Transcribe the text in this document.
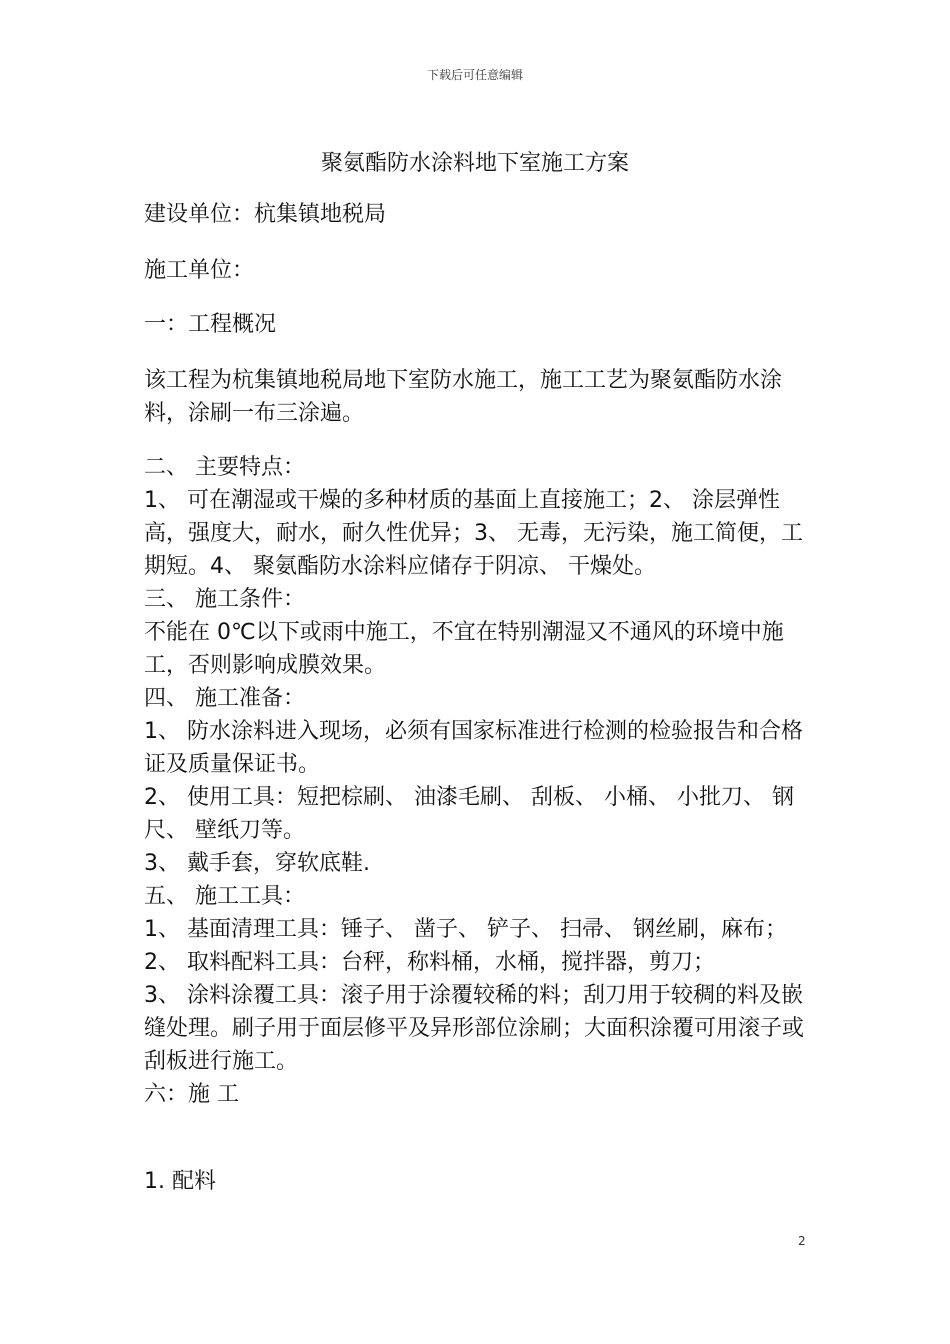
下载后可任意编辑
聚氨酯防水涂料地下室施工方案

建设单位：杭集镇地税局

施工单位：

一：工程概况

该工程为杭集镇地税局地下室防水施工，施工工艺为聚氨酯防水涂料，涂刷一布三涂遍。

二、 主要特点：

1、 可在潮湿或干燥的多种材质的基面上直接施工；2、 涂层弹性高，强度大，耐水，耐久性优异；3、 无毒，无污染，施工简便，工期短。4、 聚氨酯防水涂料应储存于阴凉、 干燥处。

三、 施工条件：

不能在 0℃以下或雨中施工，不宜在特别潮湿又不通风的环境中施工，否则影响成膜效果。

四、 施工准备：

1、 防水涂料进入现场，必须有国家标准进行检测的检验报告和合格证及质量保证书。

2、 使用工具：短把棕刷、 油漆毛刷、 刮板、 小桶、 小批刀、 钢尺、 壁纸刀等。

3、 戴手套，穿软底鞋.

五、 施工工具：

1、 基面清理工具：锤子、 凿子、 铲子、 扫帚、 钢丝刷，麻布；

2、 取料配料工具：台秤，称料桶，水桶，搅拌器，剪刀；

3、 涂料涂覆工具：滚子用于涂覆较稀的料；刮刀用于较稠的料及嵌缝处理。刷子用于面层修平及异形部位涂刷；大面积涂覆可用滚子或刮板进行施工。

六：施 工

1. 配料

2
